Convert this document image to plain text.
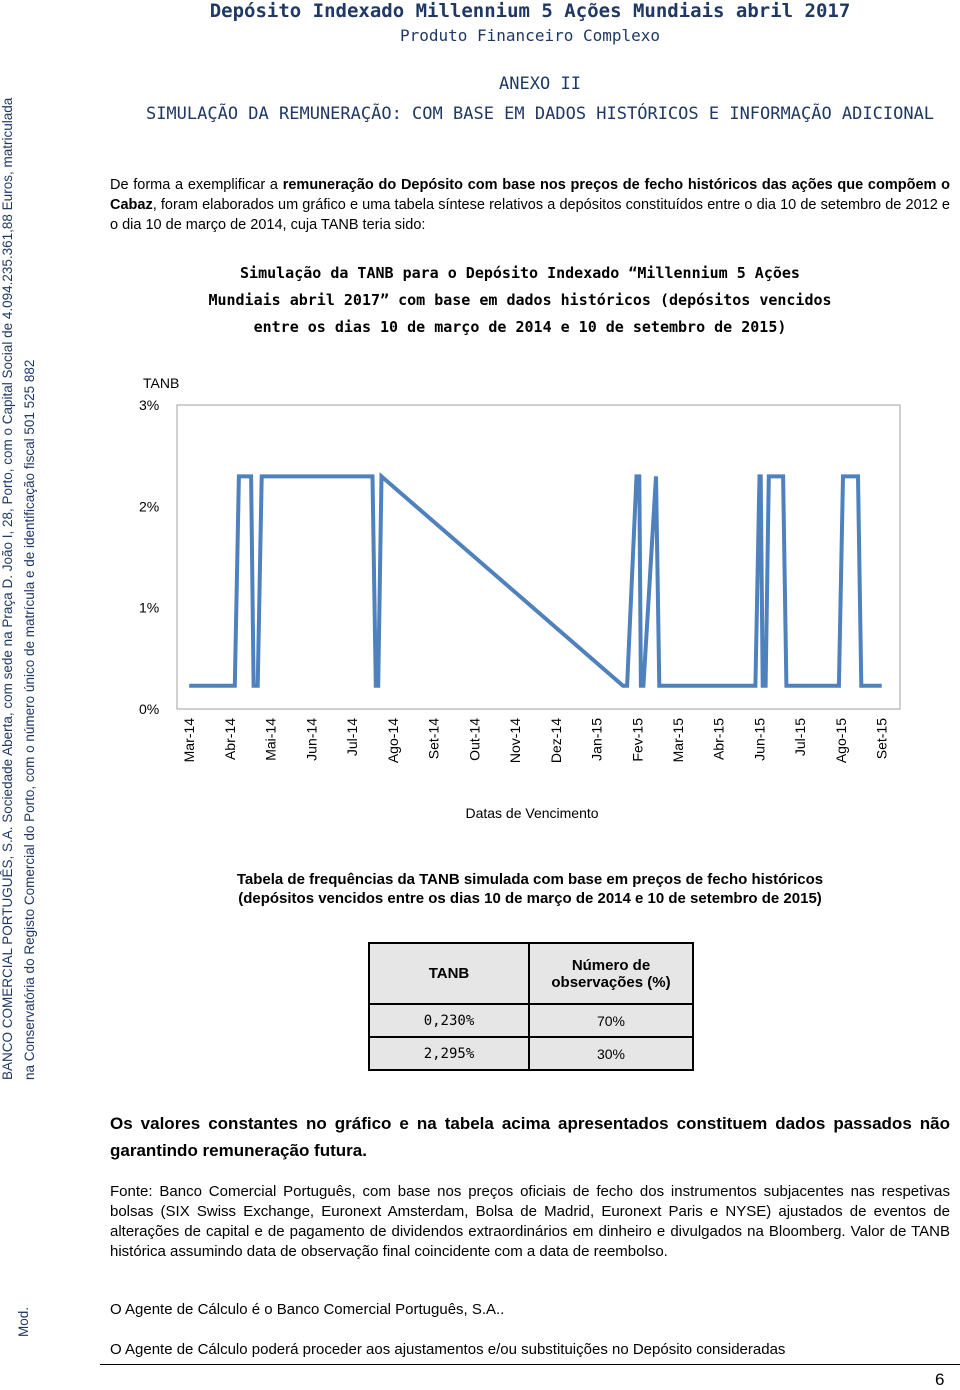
Depósito Indexado Millennium 5 Ações Mundiais abril 2017
Produto Financeiro Complexo
BANCO COMERCIAL PORTUGUÊS, S.A. Sociedade Aberta, com sede na Praça D. João I, 28, Porto, com o Capital Social de 4.094.235.361,88 Euros, matriculada na Conservatória do Registo Comercial do Porto, com o número único de matrícula e de identificação fiscal 501 525 882
Mod.
ANEXO II
SIMULAÇÃO DA REMUNERAÇÃO: COM BASE EM DADOS HISTÓRICOS E INFORMAÇÃO ADICIONAL
De forma a exemplificar a remuneração do Depósito com base nos preços de fecho históricos das ações que compõem o Cabaz, foram elaborados um gráfico e uma tabela síntese relativos a depósitos constituídos entre o dia 10 de setembro de 2012 e o dia 10 de março de 2014, cuja TANB teria sido:
Simulação da TANB para o Depósito Indexado “Millennium 5 Ações
Mundiais abril 2017” com base em dados históricos (depósitos vencidos
entre os dias 10 de março de 2014 e 10 de setembro de 2015)
TANB
3%
2%
1%
0%
Mar-14 Abr-14 Mai-14 Jun-14 Jul-14 Ago-14 Set-14 Out-14 Nov-14 Dez-14 Jan-15 Fev-15 Mar-15 Abr-15 Jun-15 Jul-15 Ago-15 Set-15
Datas de Vencimento
Tabela de frequências da TANB simulada com base em preços de fecho históricos (depósitos vencidos entre os dias 10 de março de 2014 e 10 de setembro de 2015)
TANB	Número de observações (%)
0,230%	70%
2,295%	30%
Os valores constantes no gráfico e na tabela acima apresentados constituem dados passados não garantindo remuneração futura.
Fonte: Banco Comercial Português, com base nos preços oficiais de fecho dos instrumentos subjacentes nas respetivas bolsas (SIX Swiss Exchange, Euronext Amsterdam, Bolsa de Madrid, Euronext Paris e NYSE) ajustados de eventos de alterações de capital e de pagamento de dividendos extraordinários em dinheiro e divulgados na Bloomberg. Valor de TANB histórica assumindo data de observação final coincidente com a data de reembolso.
O Agente de Cálculo é o Banco Comercial Português, S.A..
O Agente de Cálculo poderá proceder aos ajustamentos e/ou substituições no Depósito consideradas
6
